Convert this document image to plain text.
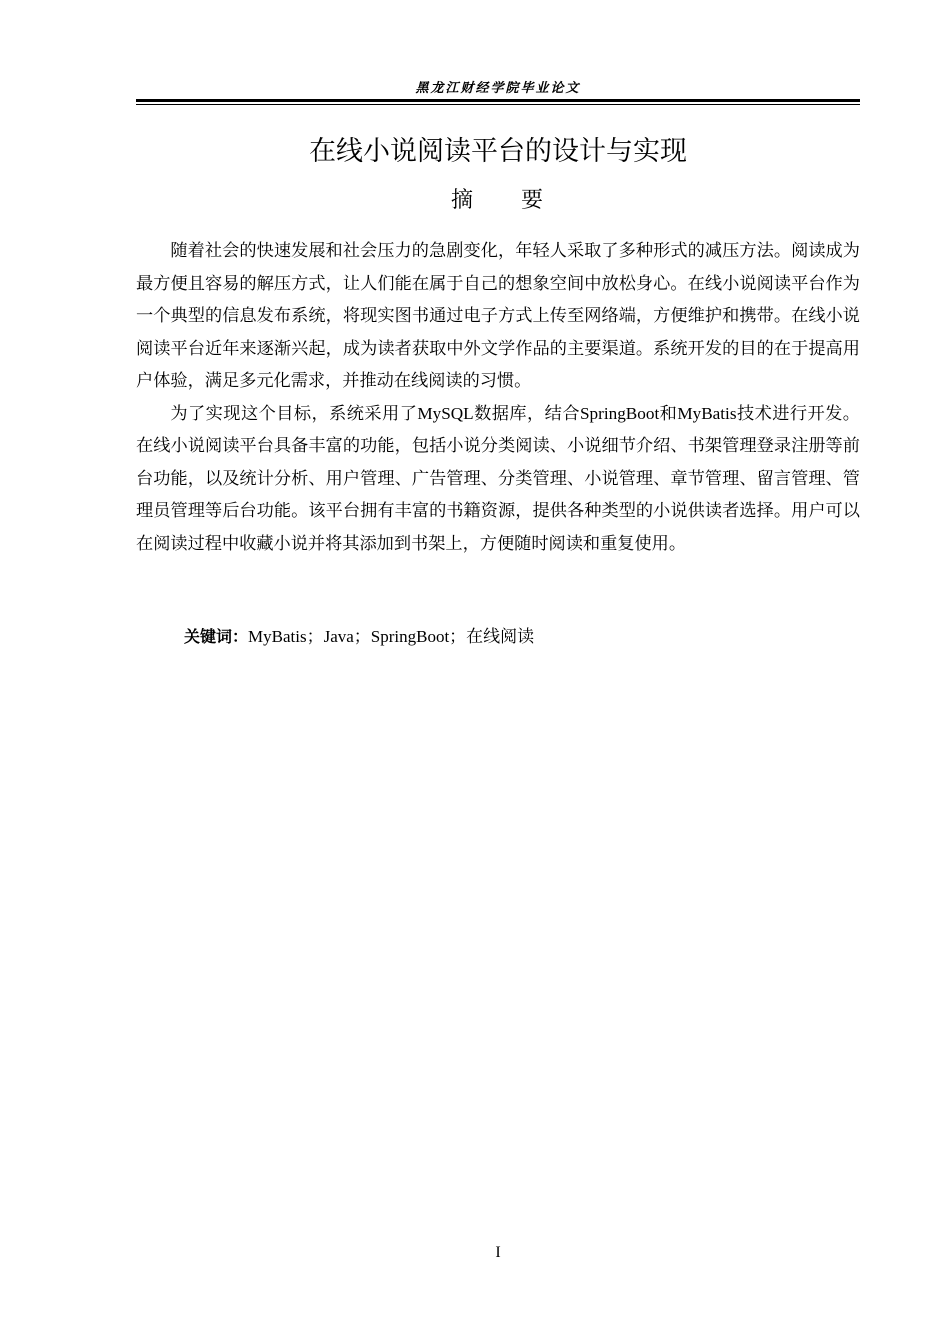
黑龙江财经学院毕业论文
在线小说阅读平台的设计与实现
摘 要

随着社会的快速发展和社会压力的急剧变化，年轻人采取了多种形式的减压方法。阅读成为最方便且容易的解压方式，让人们能在属于自己的想象空间中放松身心。在线小说阅读平台作为一个典型的信息发布系统，将现实图书通过电子方式上传至网络端，方便维护和携带。在线小说阅读平台近年来逐渐兴起，成为读者获取中外文学作品的主要渠道。系统开发的目的在于提高用户体验，满足多元化需求，并推动在线阅读的习惯。

为了实现这个目标，系统采用了MySQL数据库，结合SpringBoot和MyBatis技术进行开发。在线小说阅读平台具备丰富的功能，包括小说分类阅读、小说细节介绍、书架管理登录注册等前台功能，以及统计分析、用户管理、广告管理、分类管理、小说管理、章节管理、留言管理、管理员管理等后台功能。该平台拥有丰富的书籍资源，提供各种类型的小说供读者选择。用户可以在阅读过程中收藏小说并将其添加到书架上，方便随时阅读和重复使用。

关键词：MyBatis；Java；SpringBoot；在线阅读
I
